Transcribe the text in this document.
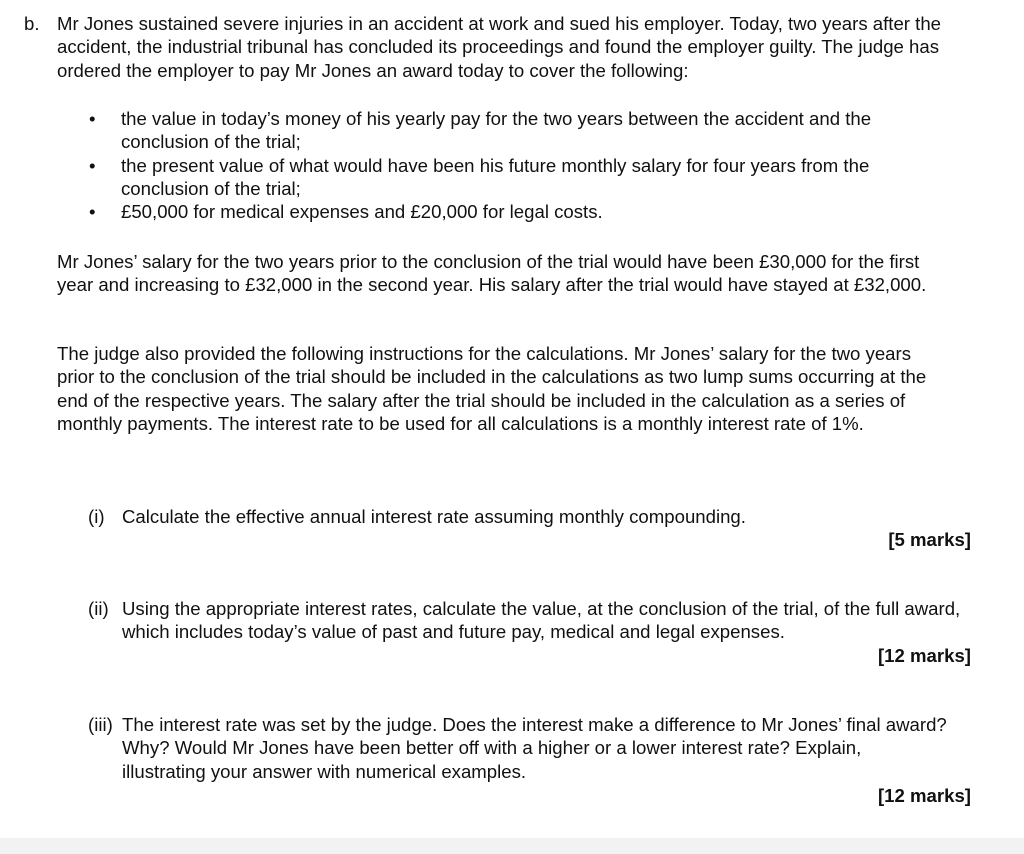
b. Mr Jones sustained severe injuries in an accident at work and sued his employer. Today, two years after the accident, the industrial tribunal has concluded its proceedings and found the employer guilty. The judge has ordered the employer to pay Mr Jones an award today to cover the following:
• the value in today’s money of his yearly pay for the two years between the accident and the conclusion of the trial;
• the present value of what would have been his future monthly salary for four years from the conclusion of the trial;
• £50,000 for medical expenses and £20,000 for legal costs.
Mr Jones’ salary for the two years prior to the conclusion of the trial would have been £30,000 for the first year and increasing to £32,000 in the second year. His salary after the trial would have stayed at £32,000.
The judge also provided the following instructions for the calculations. Mr Jones’ salary for the two years prior to the conclusion of the trial should be included in the calculations as two lump sums occurring at the end of the respective years. The salary after the trial should be included in the calculation as a series of monthly payments. The interest rate to be used for all calculations is a monthly interest rate of 1%.
(i) Calculate the effective annual interest rate assuming monthly compounding.
[5 marks]
(ii) Using the appropriate interest rates, calculate the value, at the conclusion of the trial, of the full award, which includes today’s value of past and future pay, medical and legal expenses.
[12 marks]
(iii) The interest rate was set by the judge. Does the interest make a difference to Mr Jones’ final award? Why? Would Mr Jones have been better off with a higher or a lower interest rate? Explain, illustrating your answer with numerical examples.
[12 marks]
